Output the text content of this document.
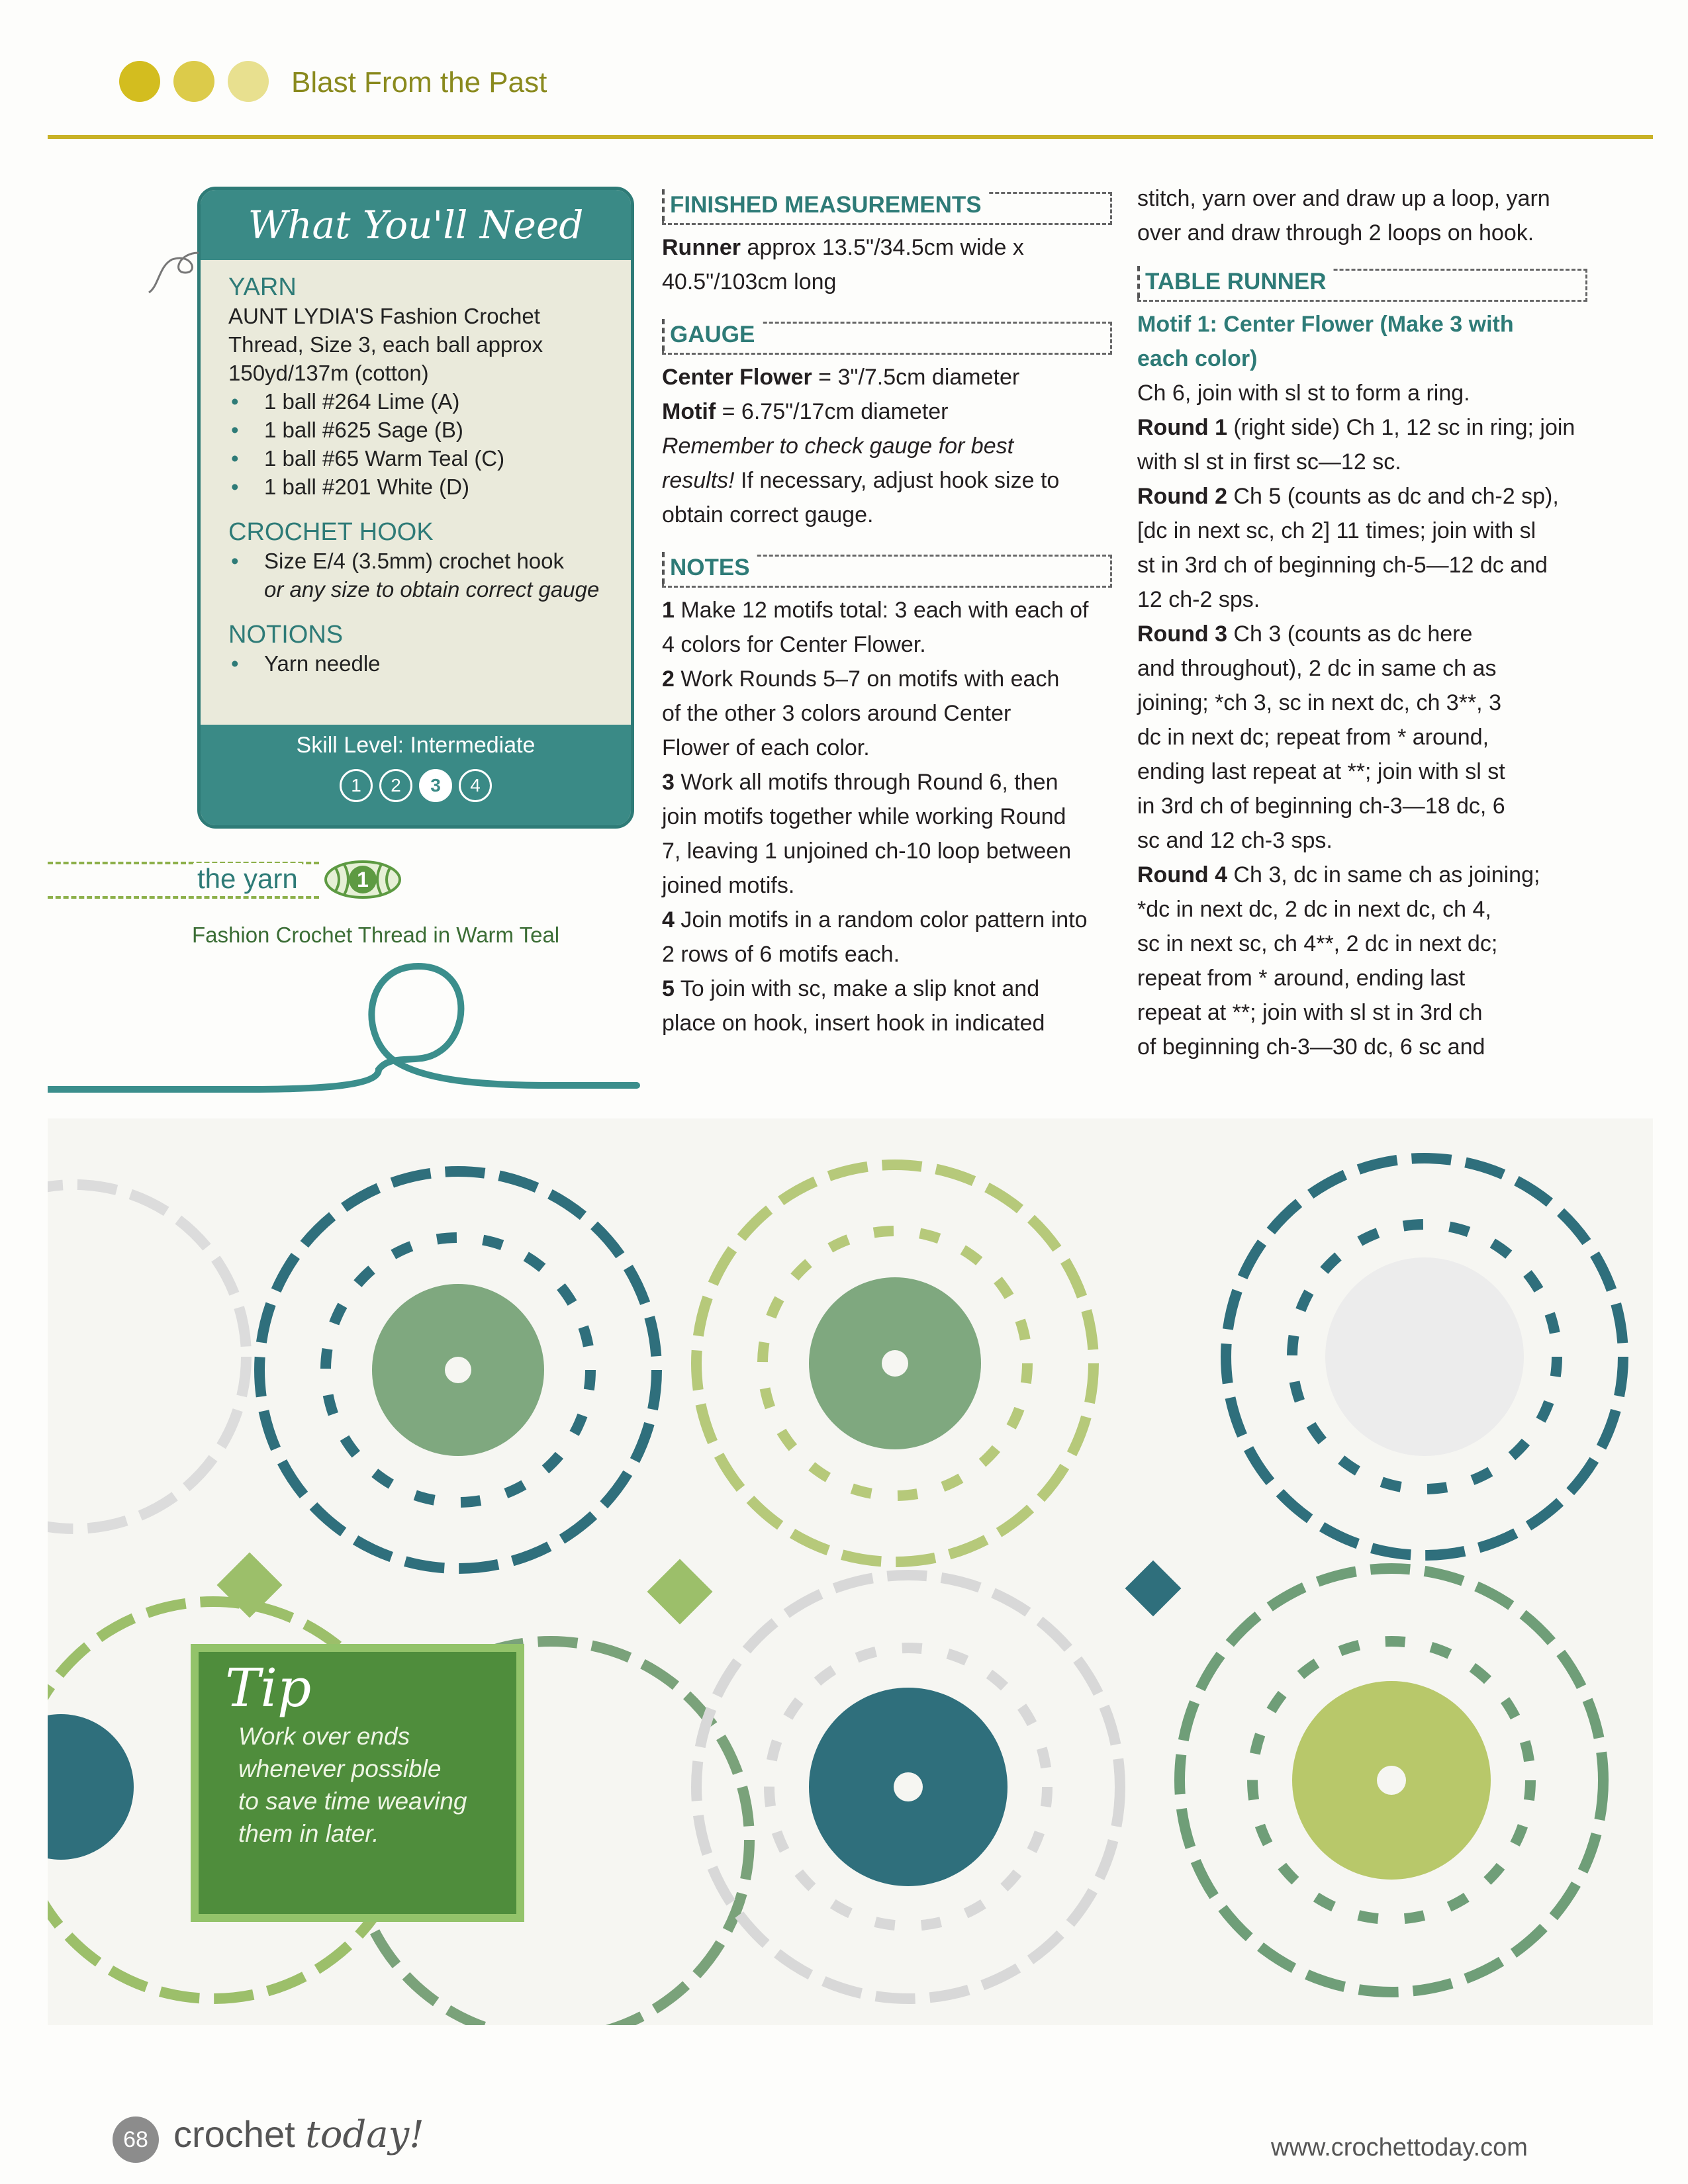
Blast From the Past
What You'll Need
YARN
AUNT LYDIA'S Fashion Crochet
Thread, Size 3, each ball approx
150yd/137m (cotton)
• 1 ball #264 Lime (A)
• 1 ball #625 Sage (B)
• 1 ball #65 Warm Teal (C)
• 1 ball #201 White (D)
CROCHET HOOK
• Size E/4 (3.5mm) crochet hook
or any size to obtain correct gauge
NOTIONS
• Yarn needle
Skill Level: Intermediate
1	2	3	4
the yarn	1
Fashion Crochet Thread in Warm Teal
FINISHED MEASUREMENTS

Runner approx 13.5"/34.5cm wide x

40.5"/103cm long

GAUGE

Center Flower = 3"/7.5cm diameter

Motif = 6.75"/17cm diameter

Remember to check gauge for best

results! If necessary, adjust hook size to

obtain correct gauge.

NOTES

1 Make 12 motifs total: 3 each with each of

4 colors for Center Flower.

2 Work Rounds 5–7 on motifs with each

of the other 3 colors around Center

Flower of each color.

3 Work all motifs through Round 6, then

join motifs together while working Round

7, leaving 1 unjoined ch-10 loop between

joined motifs.

4 Join motifs in a random color pattern into

2 rows of 6 motifs each.

5 To join with sc, make a slip knot and

place on hook, insert hook in indicated

stitch, yarn over and draw up a loop, yarn

over and draw through 2 loops on hook.

TABLE RUNNER

Motif 1: Center Flower (Make 3 with

each color)

Ch 6, join with sl st to form a ring.

Round 1 (right side) Ch 1, 12 sc in ring; join

with sl st in first sc—12 sc.

Round 2 Ch 5 (counts as dc and ch-2 sp),

[dc in next sc, ch 2] 11 times; join with sl

st in 3rd ch of beginning ch-5—12 dc and

12 ch-2 sps.

Round 3 Ch 3 (counts as dc here

and throughout), 2 dc in same ch as

joining; *ch 3, sc in next dc, ch 3**, 3

dc in next dc; repeat from * around,

ending last repeat at **; join with sl st

in 3rd ch of beginning ch-3—18 dc, 6

sc and 12 ch-3 sps.

Round 4 Ch 3, dc in same ch as joining;

*dc in next dc, 2 dc in next dc, ch 4,

sc in next sc, ch 4**, 2 dc in next dc;

repeat from * around, ending last

repeat at **; join with sl st in 3rd ch

of beginning ch-3—30 dc, 6 sc and

Tip
Work over ends
whenever possible
to save time weaving
them in later.
68 crochet today!	www.crochettoday.com
